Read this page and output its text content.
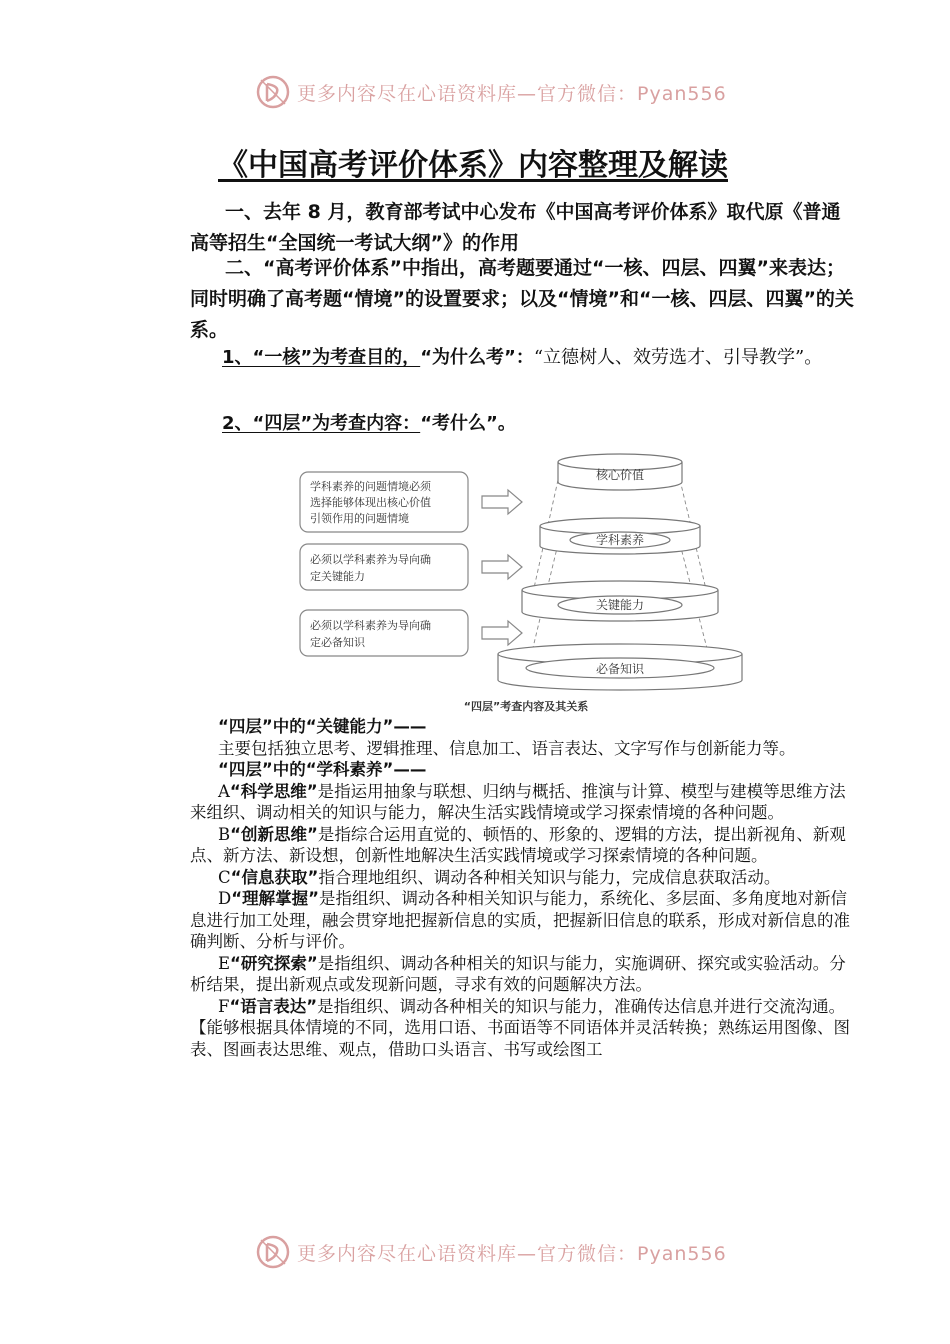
更多内容尽在心语资料库—官方微信：Pyan556
《中国高考评价体系》内容整理及解读
一、去年 8 月，教育部考试中心发布《中国高考评价体系》取代原《普通高等招生“全国统一考试大纲”》的作用
二、“高考评价体系”中指出，高考题要通过“一核、四层、四翼”来表达；同时明确了高考题“情境”的设置要求；以及“情境”和“一核、四层、四翼”的关系。
1、“一核”为考查目的，“为什么考”：“立德树人、效劳选才、引导教学”。
2、“四层”为考查内容：“考什么”。
学科素养的问题情境必须
选择能够体现出核心价值
引领作用的问题情境
必须以学科素养为导向确
定关键能力
必须以学科素养为导向确
定必备知识
必备知识
关键能力
学科素养
核心价值
“四层”考查内容及其关系

“四层”中的“关键能力”——

主要包括独立思考、逻辑推理、信息加工、语言表达、文字写作与创新能力等。

“四层”中的“学科素养”——

A“科学思维”是指运用抽象与联想、归纳与概括、推演与计算、模型与建模等思维方法来组织、调动相关的知识与能力，解决生活实践情境或学习探索情境的各种问题。

B“创新思维”是指综合运用直觉的、顿悟的、形象的、逻辑的方法，提出新视角、新观点、新方法、新设想，创新性地解决生活实践情境或学习探索情境的各种问题。

C“信息获取”指合理地组织、调动各种相关知识与能力，完成信息获取活动。

D“理解掌握”是指组织、调动各种相关知识与能力，系统化、多层面、多角度地对新信息进行加工处理，融会贯穿地把握新信息的实质，把握新旧信息的联系，形成对新信息的准确判断、分析与评价。

E“研究探索”是指组织、调动各种相关的知识与能力，实施调研、探究或实验活动。分析结果，提出新观点或发现新问题，寻求有效的问题解决方法。

F“语言表达”是指组织、调动各种相关的知识与能力，准确传达信息并进行交流沟通。【能够根据具体情境的不同，选用口语、书面语等不同语体并灵活转换；熟练运用图像、图表、图画表达思维、观点，借助口头语言、书写或绘图工

更多内容尽在心语资料库—官方微信：Pyan556
